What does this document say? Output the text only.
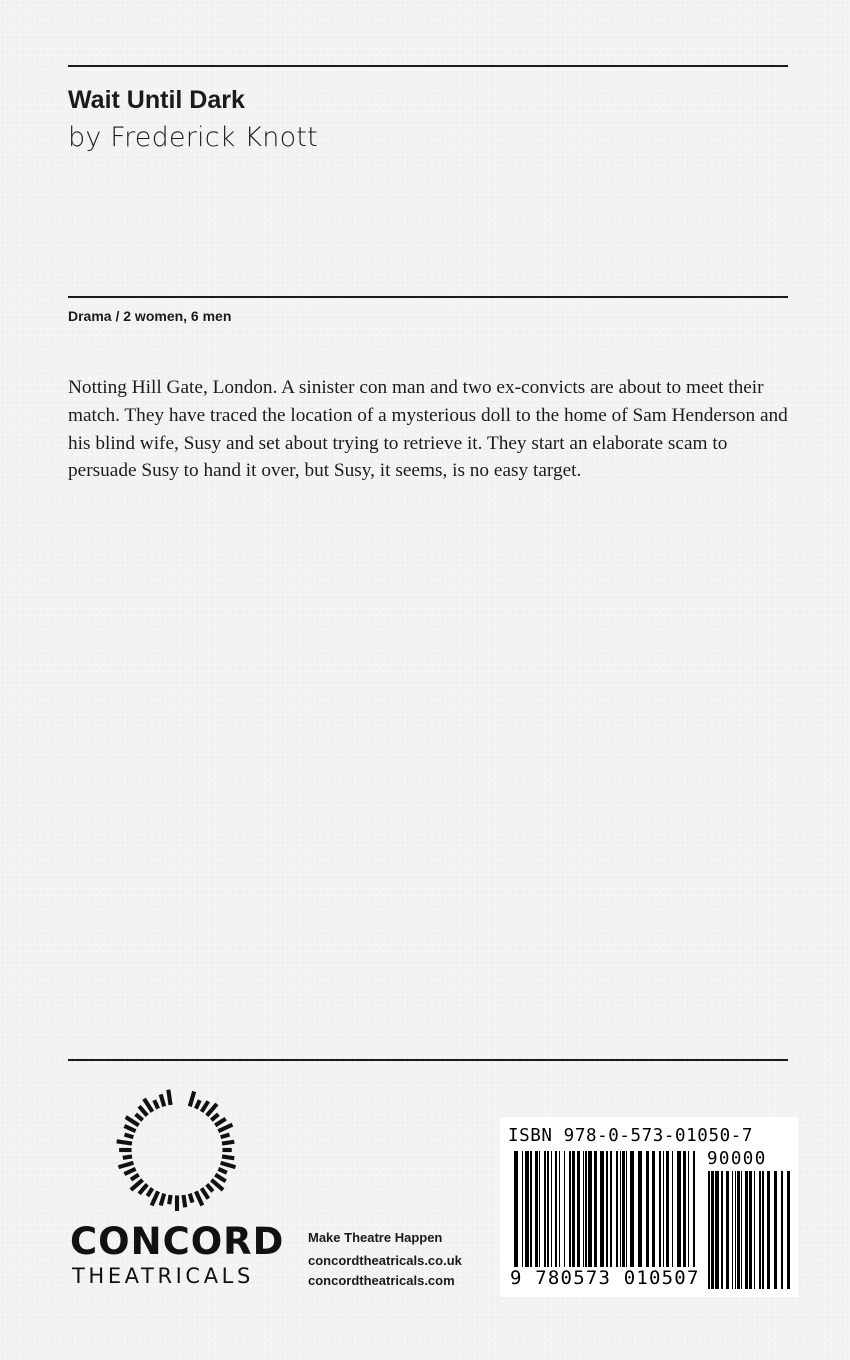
Wait Until Dark
by Frederick Knott
Drama / 2 women, 6 men

Notting Hill Gate, London. A sinister con man and two ex-convicts are about to meet their match. They have traced the location of a mysterious doll to the home of Sam Henderson and his blind wife, Susy and set about trying to retrieve it. They start an elaborate scam to persuade Susy to hand it over, but Susy, it seems, is no easy target.

CONCORD
THEATRICALS
Make Theatre Happen
concordtheatricals.co.uk
concordtheatricals.com
ISBN 978-0-573-01050-7
90000
9 780573 010507
